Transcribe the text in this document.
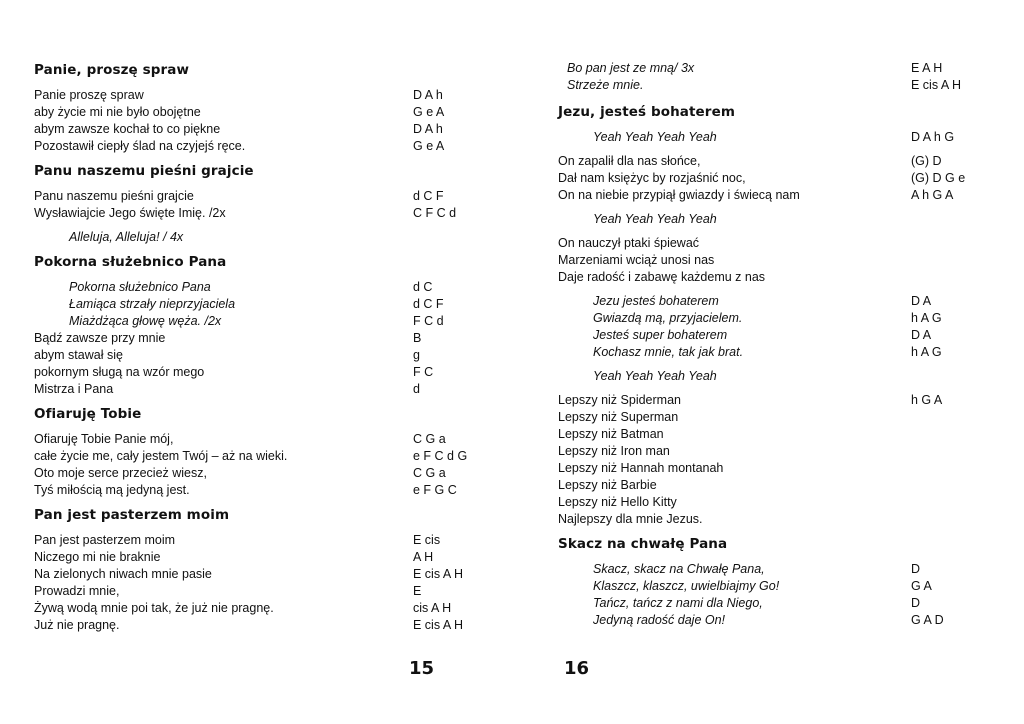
Panie, proszę spraw
Panie proszę spraw	D A h
aby życie mi nie było obojętne	G e A
abym zawsze kochał to co piękne	D A h
Pozostawił ciepły ślad na czyjejś ręce.	G e A
Panu naszemu pieśni grajcie
Panu naszemu pieśni grajcie	d C F
Wysławiajcie Jego święte Imię. /2x	C F C d
Alleluja, Alleluja! / 4x
Pokorna służebnico Pana
Pokorna służebnico Pana	d C
Łamiąca strzały nieprzyjaciela	d C F
Miażdżąca głowę węża. /2x	F C d
Bądź zawsze przy mnie	B
abym stawał się	g
pokornym sługą na wzór mego	F C
Mistrza i Pana	d
Ofiaruję Tobie
Ofiaruję Tobie Panie mój,	C G a
całe życie me, cały jestem Twój – aż na wieki.	e F C d G
Oto moje serce przecież wiesz,	C G a
Tyś miłością mą jedyną jest.	e F G C
Pan jest pasterzem moim
Pan jest pasterzem moim	E cis
Niczego mi nie braknie	A H
Na zielonych niwach mnie pasie	E cis A H
Prowadzi mnie,	E
Żywą wodą mnie poi tak, że już nie pragnę.	cis A H
Już nie pragnę.	E cis A H
15
Bo pan jest ze mną/ 3x	E A H
Strzeże mnie.	E cis A H
Jezu, jesteś bohaterem
Yeah Yeah Yeah Yeah	D A h G
On zapalił dla nas słońce,	(G) D
Dał nam księżyc by rozjaśnić noc,	(G) D G e
On na niebie przypiął gwiazdy i świecą nam	A h G A
Yeah Yeah Yeah Yeah
On nauczył ptaki śpiewać
Marzeniami wciąż unosi nas
Daje radość i zabawę każdemu z nas
Jezu jesteś bohaterem	D A
Gwiazdą mą, przyjacielem.	h A G
Jesteś super bohaterem	D A
Kochasz mnie, tak jak brat.	h A G
Yeah Yeah Yeah Yeah
Lepszy niż Spiderman	h G A
Lepszy niż Superman
Lepszy niż Batman
Lepszy niż Iron man
Lepszy niż Hannah montanah
Lepszy niż Barbie
Lepszy niż Hello Kitty
Najlepszy dla mnie Jezus.
Skacz na chwałę Pana
Skacz, skacz na Chwałę Pana,	D
Klaszcz, klaszcz, uwielbiajmy Go!	G A
Tańcz, tańcz z nami dla Niego,	D
Jedyną radość daje On!	G A D
16
